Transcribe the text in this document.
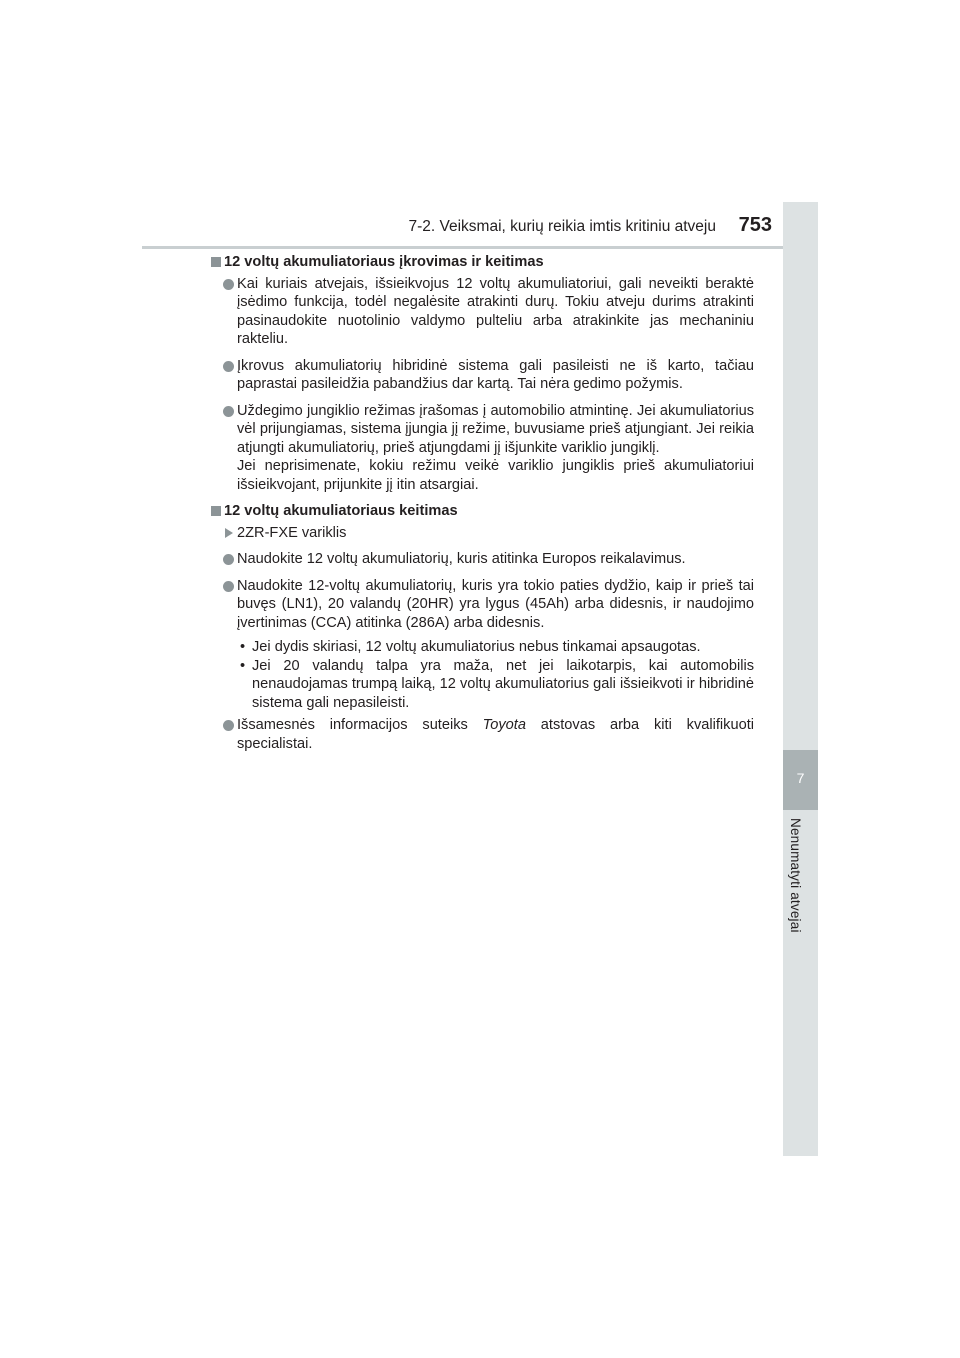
7-2. Veiksmai, kurių reikia imtis kritiniu atveju 753
7
Nenumatyti atvejai
12 voltų akumuliatoriaus įkrovimas ir keitimas

Kai kuriais atvejais, išsieikvojus 12 voltų akumuliatoriui, gali neveikti beraktė įsėdimo funkcija, todėl negalėsite atrakinti durų. Tokiu atveju durims atrakinti pasinaudokite nuotolinio valdymo pulteliu arba atrakinkite jas mechaniniu rakteliu.

Įkrovus akumuliatorių hibridinė sistema gali pasileisti ne iš karto, tačiau paprastai pasileidžia pabandžius dar kartą. Tai nėra gedimo požymis.

Uždegimo jungiklio režimas įrašomas į automobilio atmintinę. Jei akumuliatorius vėl prijungiamas, sistema įjungia jį režime, buvusiame prieš atjungiant. Jei reikia atjungti akumuliatorių, prieš atjungdami jį išjunkite variklio jungiklį.

Jei neprisimenate, kokiu režimu veikė variklio jungiklis prieš akumuliatoriui išsieikvojant, prijunkite jį itin atsargiai.

12 voltų akumuliatoriaus keitimas

2ZR-FXE variklis

Naudokite 12 voltų akumuliatorių, kuris atitinka Europos reikalavimus.

Naudokite 12-voltų akumuliatorių, kuris yra tokio paties dydžio, kaip ir prieš tai buvęs (LN1), 20 valandų (20HR) yra lygus (45Ah) arba didesnis, ir naudojimo įvertinimas (CCA) atitinka (286A) arba didesnis.

• Jei dydis skiriasi, 12 voltų akumuliatorius nebus tinkamai apsaugotas.
• Jei 20 valandų talpa yra maža, net jei laikotarpis, kai automobilis nenaudojamas trumpą laiką, 12 voltų akumuliatorius gali išsieikvoti ir hibridinė sistema gali nepasileisti.

Išsamesnės informacijos suteiks Toyota atstovas arba kiti kvalifikuoti specialistai.
